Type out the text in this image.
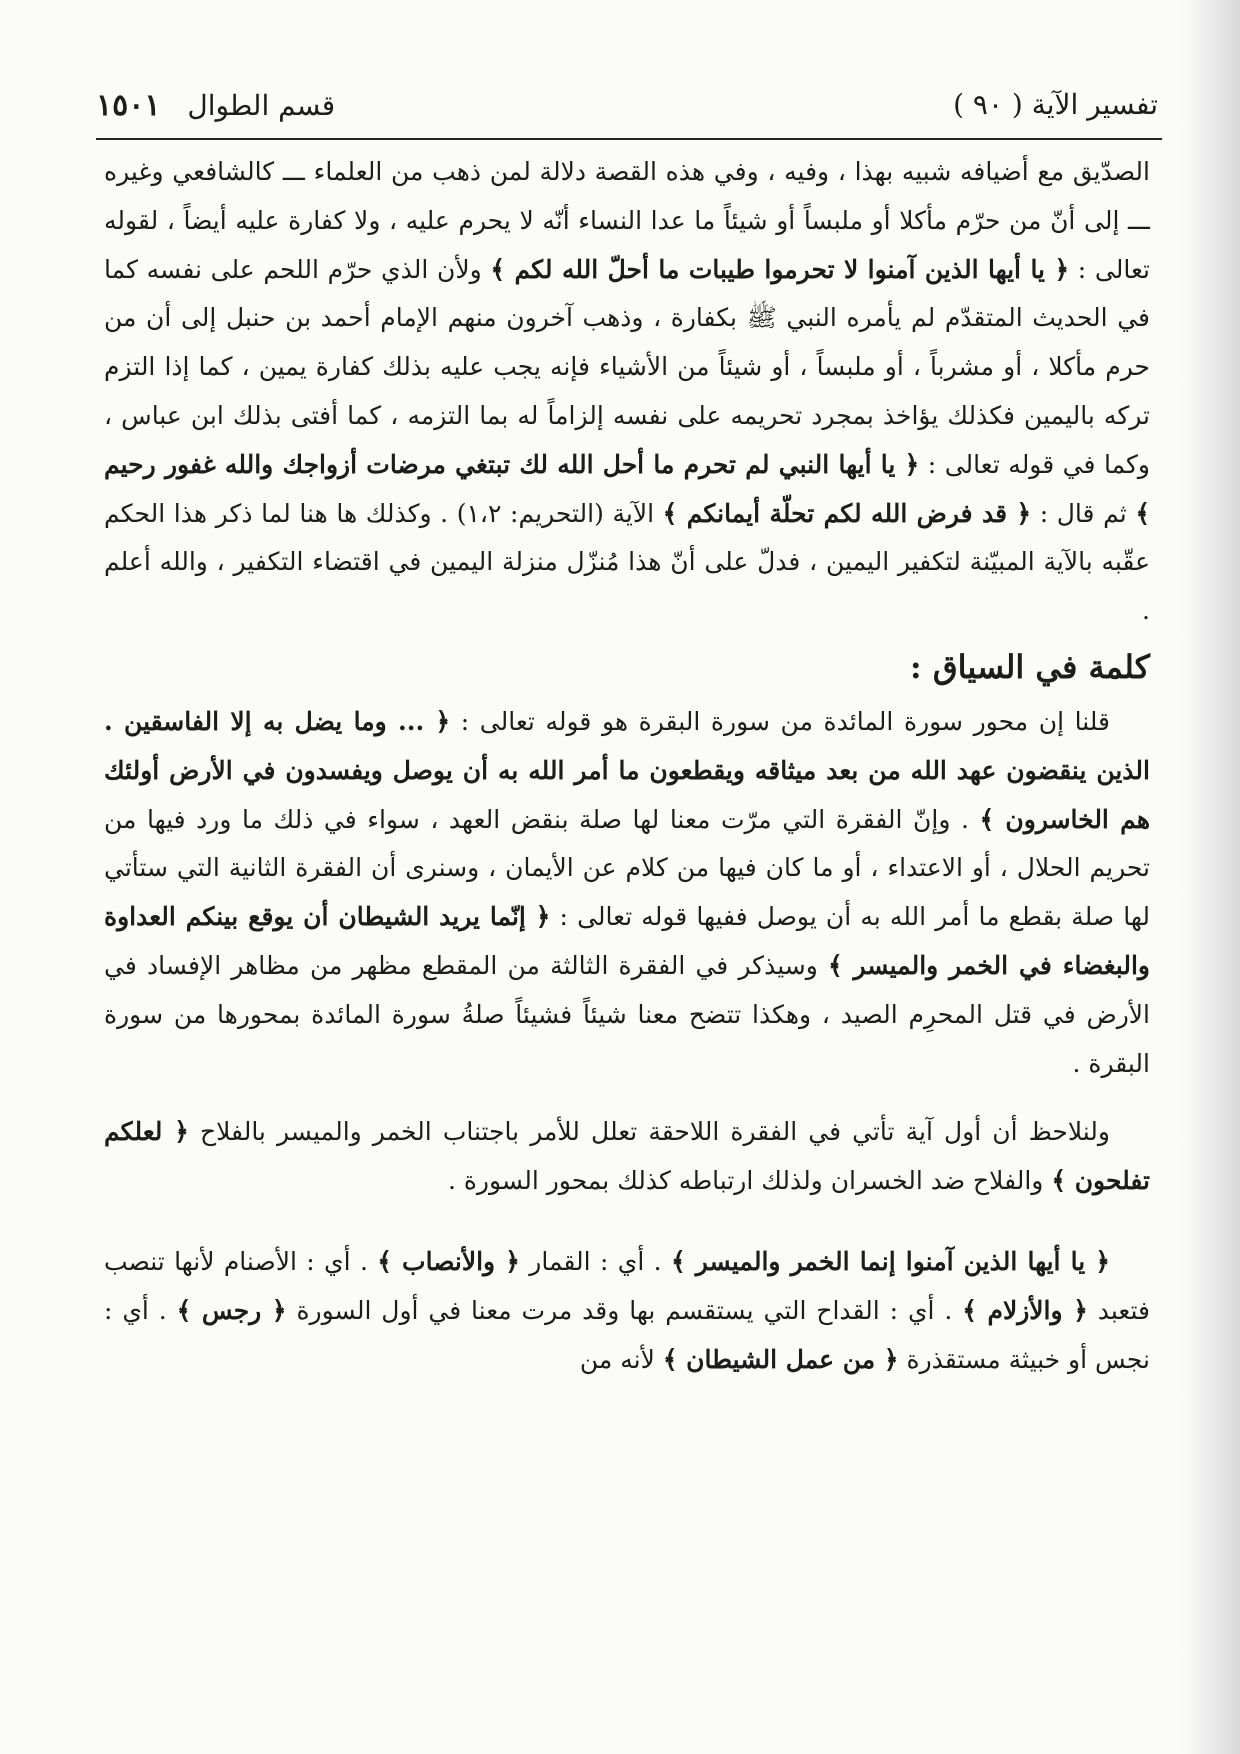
تفسير الآية ( ٩٠ )
قسم الطوال ١٥٠١

الصدّيق مع أضيافه شبيه بهذا ، وفيه ، وفي هذه القصة دلالة لمن ذهب من العلماء ـــ كالشافعي وغيره ـــ إلى أنّ من حرّم مأكلا أو ملبساً أو شيئاً ما عدا النساء أنّه لا يحرم عليه ، ولا كفارة عليه أيضاً ، لقوله تعالى : ﴿ يا أيها الذين آمنوا لا تحرموا طيبات ما أحلّ الله لكم ﴾ ولأن الذي حرّم اللحم على نفسه كما في الحديث المتقدّم لم يأمره النبي ﷺ بكفارة ، وذهب آخرون منهم الإمام أحمد بن حنبل إلى أن من حرم مأكلا ، أو مشرباً ، أو ملبساً ، أو شيئاً من الأشياء فإنه يجب عليه بذلك كفارة يمين ، كما إذا التزم تركه باليمين فكذلك يؤاخذ بمجرد تحريمه على نفسه إلزاماً له بما التزمه ، كما أفتى بذلك ابن عباس ، وكما في قوله تعالى : ﴿ يا أيها النبي لم تحرم ما أحل الله لك تبتغي مرضات أزواجك والله غفور رحيم ﴾ ثم قال : ﴿ قد فرض الله لكم تحلّة أيمانكم ﴾ الآية (التحريم: ١،٢) . وكذلك ها هنا لما ذكر هذا الحكم عقّبه بالآية المبيّنة لتكفير اليمين ، فدلّ على أنّ هذا مُنزّل منزلة اليمين في اقتضاء التكفير ، والله أعلم .

كلمة في السياق :

قلنا إن محور سورة المائدة من سورة البقرة هو قوله تعالى : ﴿ ... وما يضل به إلا الفاسقين . الذين ينقضون عهد الله من بعد ميثاقه ويقطعون ما أمر الله به أن يوصل ويفسدون في الأرض أولئك هم الخاسرون ﴾ . وإنّ الفقرة التي مرّت معنا لها صلة بنقض العهد ، سواء في ذلك ما ورد فيها من تحريم الحلال ، أو الاعتداء ، أو ما كان فيها من كلام عن الأيمان ، وسنرى أن الفقرة الثانية التي ستأتي لها صلة بقطع ما أمر الله به أن يوصل ففيها قوله تعالى : ﴿ إنّما يريد الشيطان أن يوقع بينكم العداوة والبغضاء في الخمر والميسر ﴾ وسيذكر في الفقرة الثالثة من المقطع مظهر من مظاهر الإفساد في الأرض في قتل المحرِم الصيد ، وهكذا تتضح معنا شيئاً فشيئاً صلةُ سورة المائدة بمحورها من سورة البقرة .

ولنلاحظ أن أول آية تأتي في الفقرة اللاحقة تعلل للأمر باجتناب الخمر والميسر بالفلاح ﴿ لعلكم تفلحون ﴾ والفلاح ضد الخسران ولذلك ارتباطه كذلك بمحور السورة .

﴿ يا أيها الذين آمنوا إنما الخمر والميسر ﴾ . أي : القمار ﴿ والأنصاب ﴾ . أي : الأصنام لأنها تنصب فتعبد ﴿ والأزلام ﴾ . أي : القداح التي يستقسم بها وقد مرت معنا في أول السورة ﴿ رجس ﴾ . أي : نجس أو خبيثة مستقذرة ﴿ من عمل الشيطان ﴾ لأنه من
